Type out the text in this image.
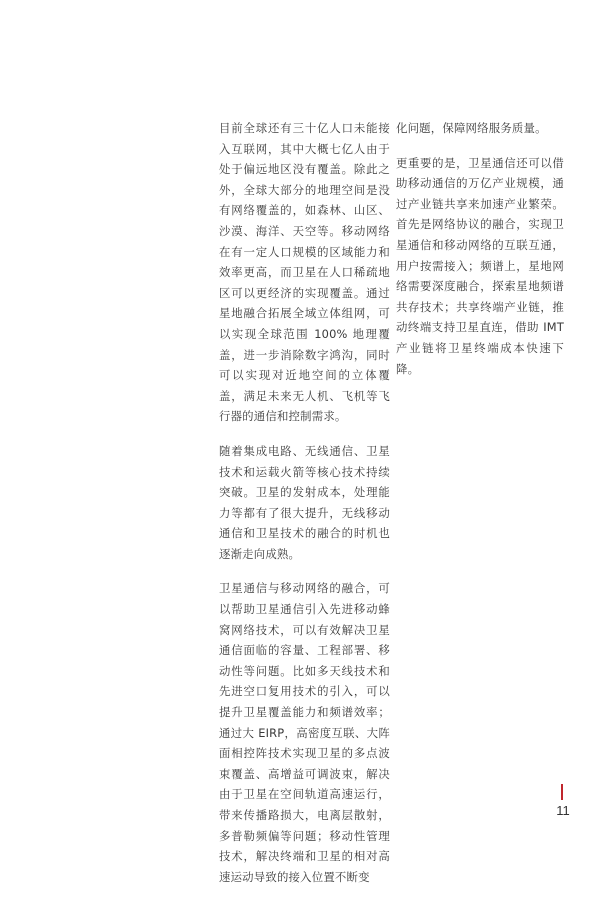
目前全球还有三十亿人口未能接入互联网，其中大概七亿人由于处于偏远地区没有覆盖。除此之外，全球大部分的地理空间是没有网络覆盖的，如森林、山区、沙漠、海洋、天空等。移动网络在有一定人口规模的区域能力和效率更高，而卫星在人口稀疏地区可以更经济的实现覆盖。通过星地融合拓展全域立体组网，可以实现全球范围 100% 地理覆盖，进一步消除数字鸿沟，同时可以实现对近地空间的立体覆盖，满足未来无人机、飞机等飞行器的通信和控制需求。

随着集成电路、无线通信、卫星技术和运载火箭等核心技术持续突破。卫星的发射成本，处理能力等都有了很大提升，无线移动通信和卫星技术的融合的时机也逐渐走向成熟。

卫星通信与移动网络的融合，可以帮助卫星通信引入先进移动蜂窝网络技术，可以有效解决卫星通信面临的容量、工程部署、移动性等问题。比如多天线技术和先进空口复用技术的引入，可以提升卫星覆盖能力和频谱效率；通过大 EIRP，高密度互联、大阵面相控阵技术实现卫星的多点波束覆盖、高增益可调波束，解决由于卫星在空间轨道高速运行，带来传播路损大，电离层散射，多普勒频偏等问题；移动性管理技术，解决终端和卫星的相对高速运动导致的接入位置不断变

化问题，保障网络服务质量。

更重要的是，卫星通信还可以借助移动通信的万亿产业规模，通过产业链共享来加速产业繁荣。首先是网络协议的融合，实现卫星通信和移动网络的互联互通，用户按需接入；频谱上，星地网络需要深度融合，探索星地频谱共存技术；共享终端产业链，推动终端支持卫星直连，借助 IMT 产业链将卫星终端成本快速下降。

11
